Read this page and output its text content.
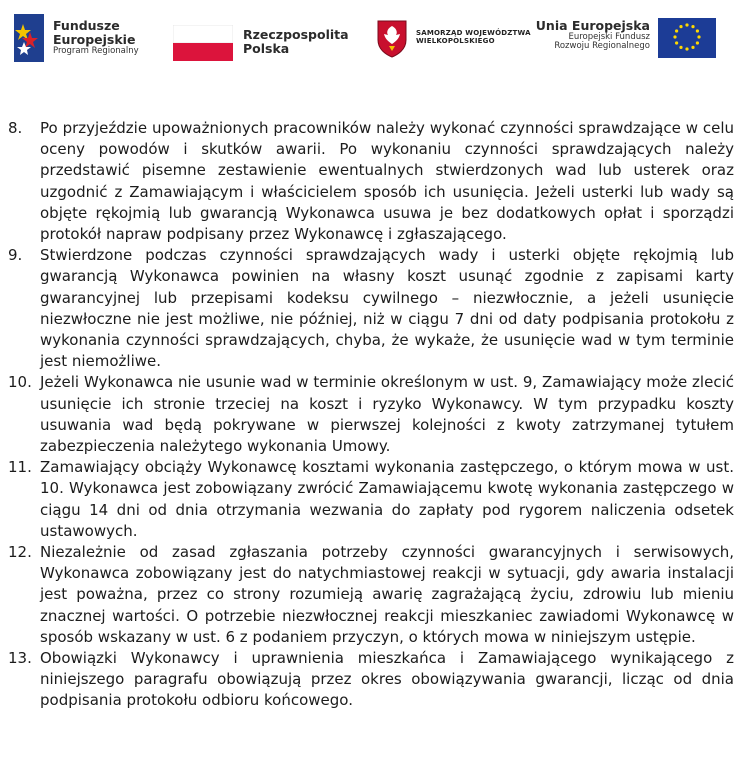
Fundusze
Europejskie
Program Regionalny
Rzeczpospolita
Polska
SAMORZĄD WOJEWÓDZTWA
WIELKOPOLSKIEGO
Unia Europejska
Europejski Fundusz
Rozwoju Regionalnego
8.	Po przyjeździe upoważnionych pracowników należy wykonać czynności sprawdzające w celu oceny powodów i skutków awarii. Po wykonaniu czynności sprawdzających należy przedstawić pisemne zestawienie ewentualnych stwierdzonych wad lub usterek oraz uzgodnić z Zamawiającym i właścicielem sposób ich usunięcia. Jeżeli usterki lub wady są objęte rękojmią lub gwarancją Wykonawca usuwa je bez dodatkowych opłat i sporządzi protokół napraw podpisany przez Wykonawcę i zgłaszającego.
9.	Stwierdzone podczas czynności sprawdzających wady i usterki objęte rękojmią lub gwarancją Wykonawca powinien na własny koszt usunąć zgodnie z zapisami karty gwarancyjnej lub przepisami kodeksu cywilnego – niezwłocznie, a jeżeli usunięcie niezwłoczne nie jest możliwe, nie później, niż w ciągu 7 dni od daty podpisania protokołu z wykonania czynności sprawdzających, chyba, że wykaże, że usunięcie wad w tym terminie jest niemożliwe.
10. Jeżeli Wykonawca nie usunie wad w terminie określonym w ust. 9, Zamawiający może zlecić usunięcie ich stronie trzeciej na koszt i ryzyko Wykonawcy. W tym przypadku koszty usuwania wad będą pokrywane w pierwszej kolejności z kwoty zatrzymanej tytułem zabezpieczenia należytego wykonania Umowy.
11. Zamawiający obciąży Wykonawcę kosztami wykonania zastępczego, o którym mowa w ust. 10. Wykonawca jest zobowiązany zwrócić Zamawiającemu kwotę wykonania zastępczego w ciągu 14 dni od dnia otrzymania wezwania do zapłaty pod rygorem naliczenia odsetek ustawowych.
12. Niezależnie od zasad zgłaszania potrzeby czynności gwarancyjnych i serwisowych, Wykonawca zobowiązany jest do natychmiastowej reakcji w sytuacji, gdy awaria instalacji jest poważna, przez co strony rozumieją awarię zagrażającą życiu, zdrowiu lub mieniu znacznej wartości. O potrzebie niezwłocznej reakcji mieszkaniec zawiadomi Wykonawcę w sposób wskazany w ust. 6 z podaniem przyczyn, o których mowa w niniejszym ustępie.
13. Obowiązki Wykonawcy i uprawnienia mieszkańca i Zamawiającego wynikającego z niniejszego paragrafu obowiązują przez okres obowiązywania gwarancji, licząc od dnia podpisania protokołu odbioru końcowego.
